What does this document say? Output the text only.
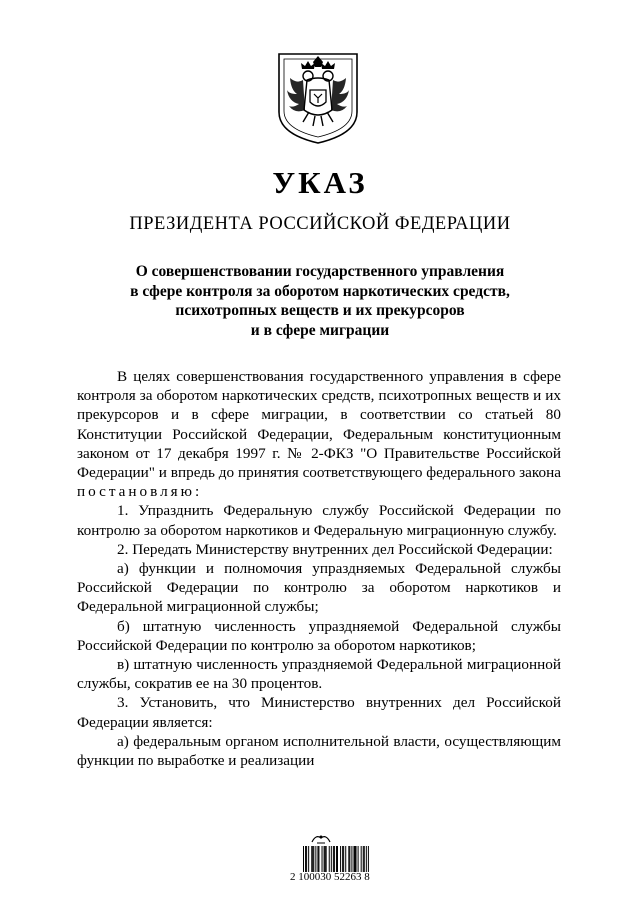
УКАЗ
ПРЕЗИДЕНТА РОССИЙСКОЙ ФЕДЕРАЦИИ
О совершенствовании государственного управления
в сфере контроля за оборотом наркотических средств,
психотропных веществ и их прекурсоров
и в сфере миграции

В целях совершенствования государственного управления в сфере контроля за оборотом наркотических средств, психотропных веществ и их прекурсоров и в сфере миграции, в соответствии со статьей 80 Конституции Российской Федерации, Федеральным конституционным законом от 17 декабря 1997 г. № 2-ФКЗ "О Правительстве Российской Федерации" и впредь до принятия соответствующего федерального закона постановляю:

1. Упразднить Федеральную службу Российской Федерации по контролю за оборотом наркотиков и Федеральную миграционную службу.

2. Передать Министерству внутренних дел Российской Федерации:

а) функции и полномочия упраздняемых Федеральной службы Российской Федерации по контролю за оборотом наркотиков и Федеральной миграционной службы;

б) штатную численность упраздняемой Федеральной службы Российской Федерации по контролю за оборотом наркотиков;

в) штатную численность упраздняемой Федеральной миграционной службы, сократив ее на 30 процентов.

3. Установить, что Министерство внутренних дел Российской Федерации является:

а) федеральным органом исполнительной власти, осуществляющим функции по выработке и реализации

2 100030 52263 8
